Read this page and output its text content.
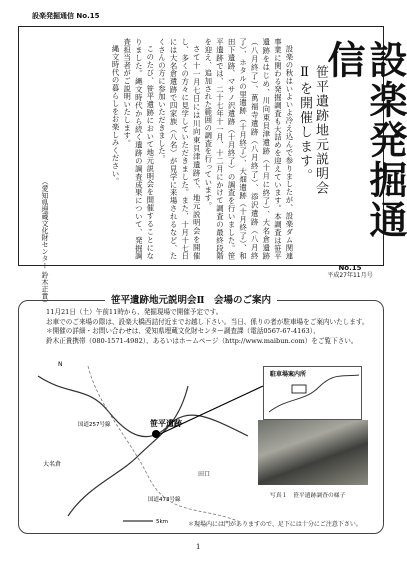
設楽発掘通信 No.15

設楽の秋はいよいよ冷え込んで参りましたが、設楽ダム関連事業に関わる発掘調査も大詰めを迎えています。本調査は笹平遺跡をはじめ、川向東貝津遺跡（十月に終了）、大名倉遺跡（八月終了）、萬福寺遺跡（八月終了）、添沢遺跡（八月終了）、ホタルの里遺跡（十月終了）、大畑遺跡（十月終了）、和田下遺跡、マサノ沢遺跡（十月終了）の調査を行いました。笹平遺跡では、二十七年十一月、十二月にかけて調査の最終段階を迎え、追加された範囲の調査を行っています。

さて十一月七日には川向東貝津遺跡で、地元説明会を開催し、多くの方々に見学していただきました。また、十月十七日には大名倉遺跡で四家族（八名）が見学に来場されるなど、たくさんの方に参加いただきました。

このたび、笹平遺跡において地元説明会を開催することになりました。縄文時代から続く遺跡の調査成果について、発掘調査担当者がご説明いたします。

縄文時代の暮らしをお楽しみください。

（愛知県埋蔵文化財センター 鈴木正貴）
笹平遺跡地元説明会Ⅱを開催します。	設楽発掘通信
No.15
平成27年11月号
笹平遺跡地元説明会Ⅱ　会場のご案内
11月21日（土）午前11時から、発掘現場で開催予定です。
お車でのご来場の際は、設楽大橋西詰付近までお越し下さい。当日、係りの者が駐車場をご案内いたします。
＊開催の詳細・お問い合わせは、愛知県埋蔵文化財センター調査課（電話0567-67-4163）、
鈴木正貴携帯（080-1571-4982）、あるいはホームページ（http://www.maibun.com）をご覧下さい。
笹平遺跡
N
国道257号線
国道473号線
大名倉
田口
5km
駐車場案内所
写真１　笹平遺跡調査の様子
＊現場内には門がありますので、足下には十分にご注意下さい。
1
